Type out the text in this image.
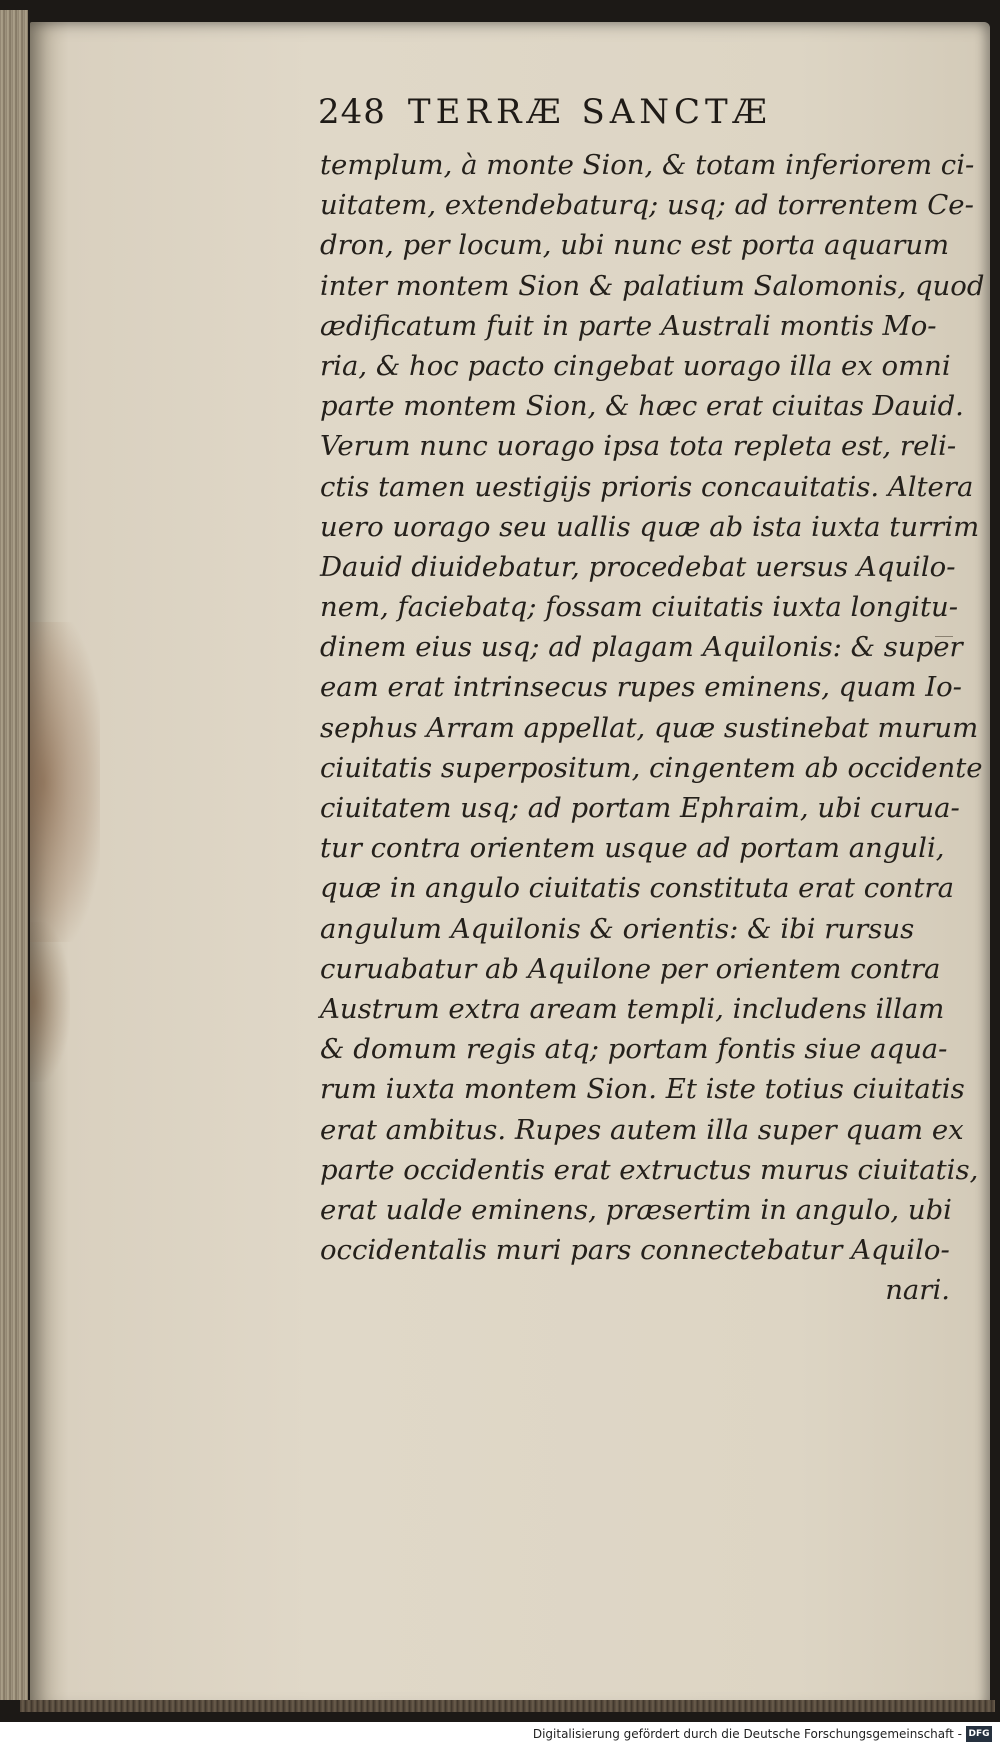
248 TERRÆ SANCTÆ
templum, à monte Sion, & totam inferiorem ci-
uitatem, extendebaturq; usq; ad torrentem Ce-
dron, per locum, ubi nunc est porta aquarum
inter montem Sion & palatium Salomonis, quod
ædificatum fuit in parte Australi montis Mo-
ria, & hoc pacto cingebat uorago illa ex omni
parte montem Sion, & hæc erat ciuitas Dauid.
Verum nunc uorago ipsa tota repleta est, reli-
ctis tamen uestigijs prioris concauitatis. Altera
uero uorago seu uallis quæ ab ista iuxta turrim
Dauid diuidebatur, procedebat uersus Aquilo-
nem, faciebatq; fossam ciuitatis iuxta longitu-
dinem eius usq; ad plagam Aquilonis: & super
eam erat intrinsecus rupes eminens, quam Io-
sephus Arram appellat, quæ sustinebat murum
ciuitatis superpositum, cingentem ab occidente
ciuitatem usq; ad portam Ephraim, ubi curua-
tur contra orientem usque ad portam anguli,
quæ in angulo ciuitatis constituta erat contra
angulum Aquilonis & orientis: & ibi rursus
curuabatur ab Aquilone per orientem contra
Austrum extra aream templi, includens illam
& domum regis atq; portam fontis siue aqua-
rum iuxta montem Sion. Et iste totius ciuitatis
erat ambitus. Rupes autem illa super quam ex
parte occidentis erat extructus murus ciuitatis,
erat ualde eminens, præsertim in angulo, ubi
occidentalis muri pars connectebatur Aquilo-
nari.
Digitalisierung gefördert durch die Deutsche Forschungsgemeinschaft - DFG
